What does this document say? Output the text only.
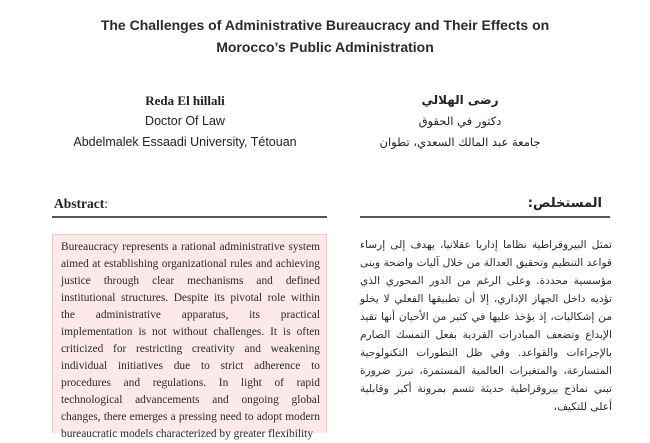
The Challenges of Administrative Bureaucracy and Their Effects on
Morocco’s Public Administration
Reda El hillali
Doctor Of Law
Abdelmalek Essaadi University, Tétouan
رضى الهلالي
دكتور في الحقوق
جامعة عبد المالك السعدي، تطوان
Abstract:	المستخلص:
Bureaucracy represents a rational administrative system aimed at establishing organizational rules and achieving justice through clear mechanisms and defined institutional structures. Despite its pivotal role within the administrative apparatus, its practical implementation is not without challenges. It is often criticized for restricting creativity and weakening individual initiatives due to strict adherence to procedures and regulations. In light of rapid technological advancements and ongoing global changes, there emerges a pressing need to adopt modern bureaucratic models characterized by greater flexibility
تمثل البيروقراطية نظاما إداريا عقلانيا، يهدف إلى إرساء قواعد التنظيم وتحقيق العدالة من خلال آليات واضحة وبنى مؤسسية محددة. وعلى الرغم من الدور المحوري الذي تؤديه داخل الجهاز الإداري، إلا أن تطبيقها الفعلي لا يخلو من إشكاليات، إذ يؤخذ عليها في كثير من الأحيان أنها تقيد الإبداع وتضعف المبادرات الفردية بفعل التمسك الصارم بالإجراءات والقواعد. وفي ظل التطورات التكنولوجية المتسارعة، والمتغيرات العالمية المستمرة، تبرز ضرورة تبني نماذج بيروقراطية حديثة تتسم بمرونة أكبر وقابلية أعلى للتكيف،
